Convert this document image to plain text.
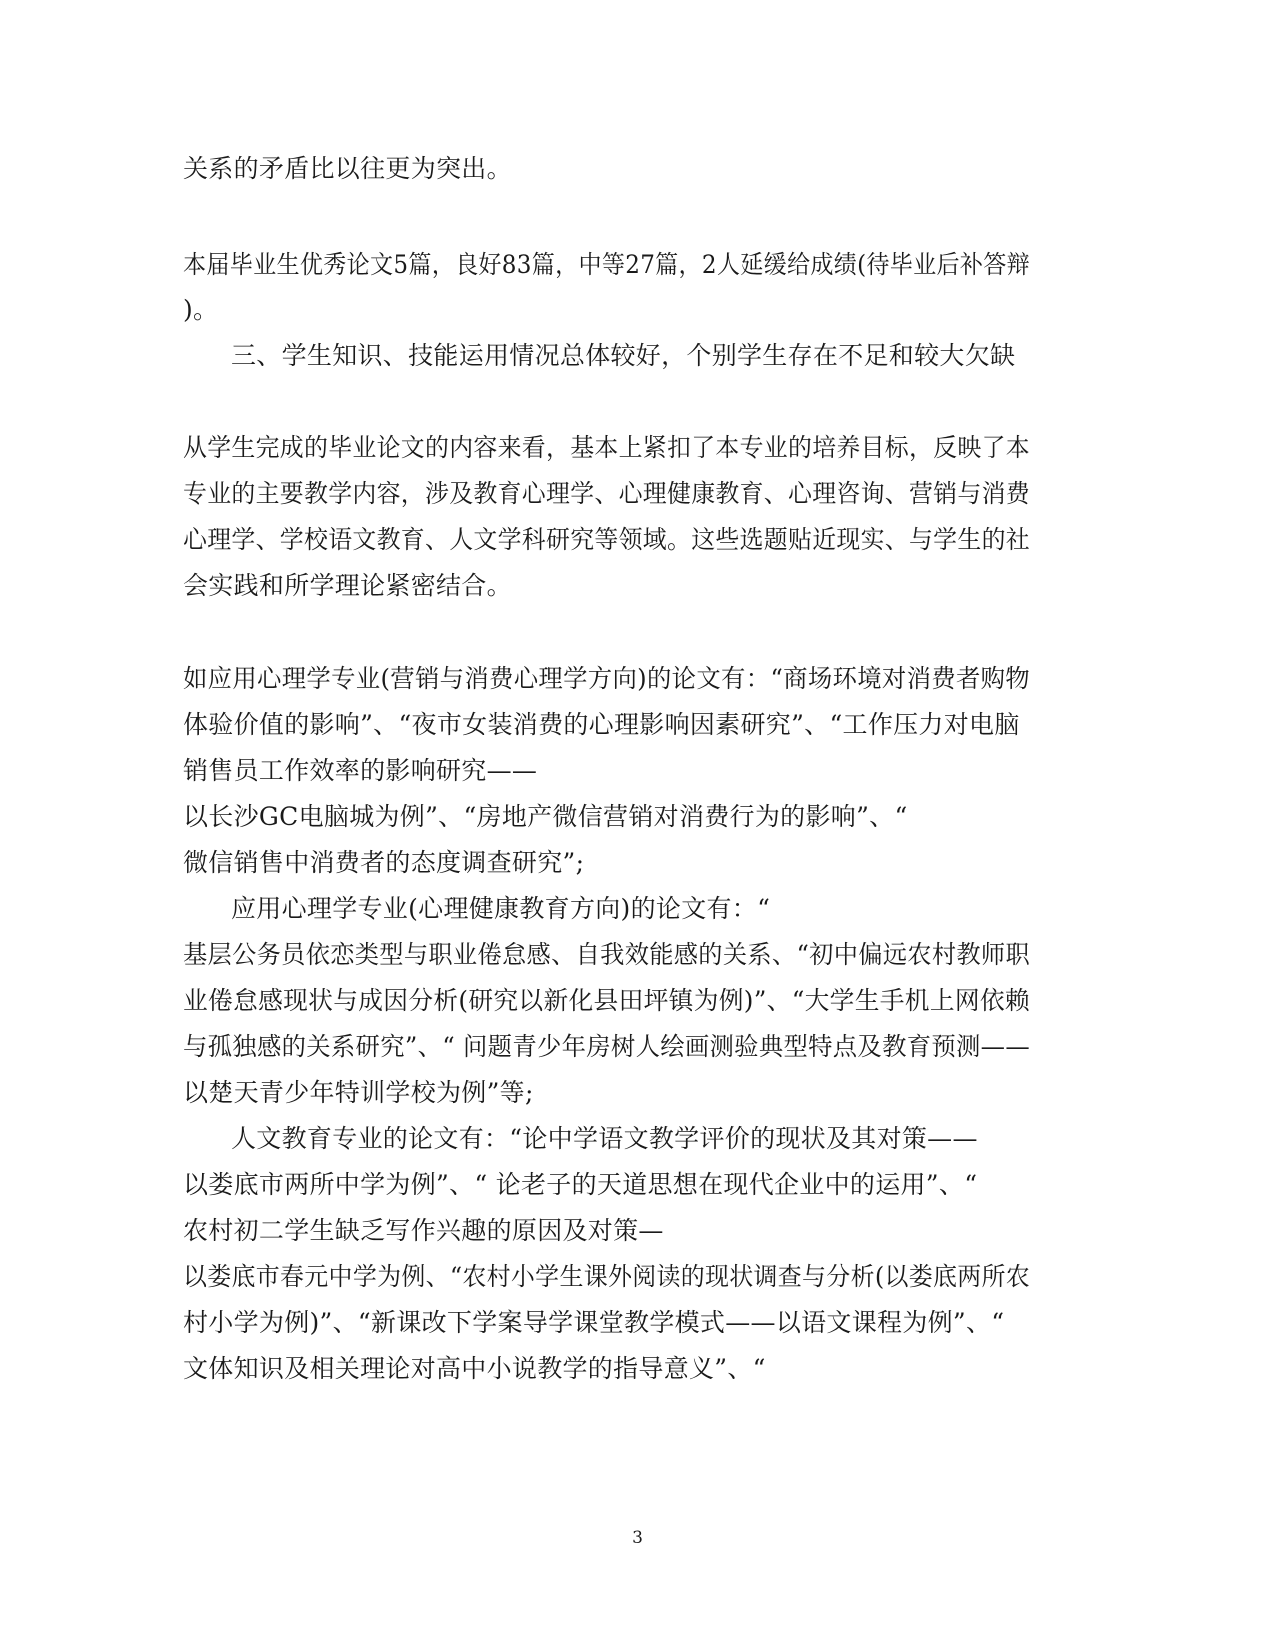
关系的矛盾比以往更为突出。

本届毕业生优秀论文5篇，良好83篇，中等27篇，2人延缓给成绩(待毕业后补答辩

)。

三、学生知识、技能运用情况总体较好，个别学生存在不足和较大欠缺

从学生完成的毕业论文的内容来看，基本上紧扣了本专业的培养目标，反映了本

专业的主要教学内容，涉及教育心理学、心理健康教育、心理咨询、营销与消费

心理学、学校语文教育、人文学科研究等领域。这些选题贴近现实、与学生的社

会实践和所学理论紧密结合。

如应用心理学专业(营销与消费心理学方向)的论文有：“商场环境对消费者购物

体验价值的影响”、“夜市女装消费的心理影响因素研究”、“工作压力对电脑

销售员工作效率的影响研究——

以长沙GC电脑城为例”、“房地产微信营销对消费行为的影响”、“

微信销售中消费者的态度调查研究”;

应用心理学专业(心理健康教育方向)的论文有：“

基层公务员依恋类型与职业倦怠感、自我效能感的关系、“初中偏远农村教师职

业倦怠感现状与成因分析(研究以新化县田坪镇为例)”、“大学生手机上网依赖

与孤独感的关系研究”、“ 问题青少年房树人绘画测验典型特点及教育预测——

以楚天青少年特训学校为例”等;

人文教育专业的论文有：“论中学语文教学评价的现状及其对策——

以娄底市两所中学为例”、“ 论老子的天道思想在现代企业中的运用”、“

农村初二学生缺乏写作兴趣的原因及对策—

以娄底市春元中学为例、“农村小学生课外阅读的现状调查与分析(以娄底两所农

村小学为例)”、“新课改下学案导学课堂教学模式——以语文课程为例”、“

文体知识及相关理论对高中小说教学的指导意义”、“

3
